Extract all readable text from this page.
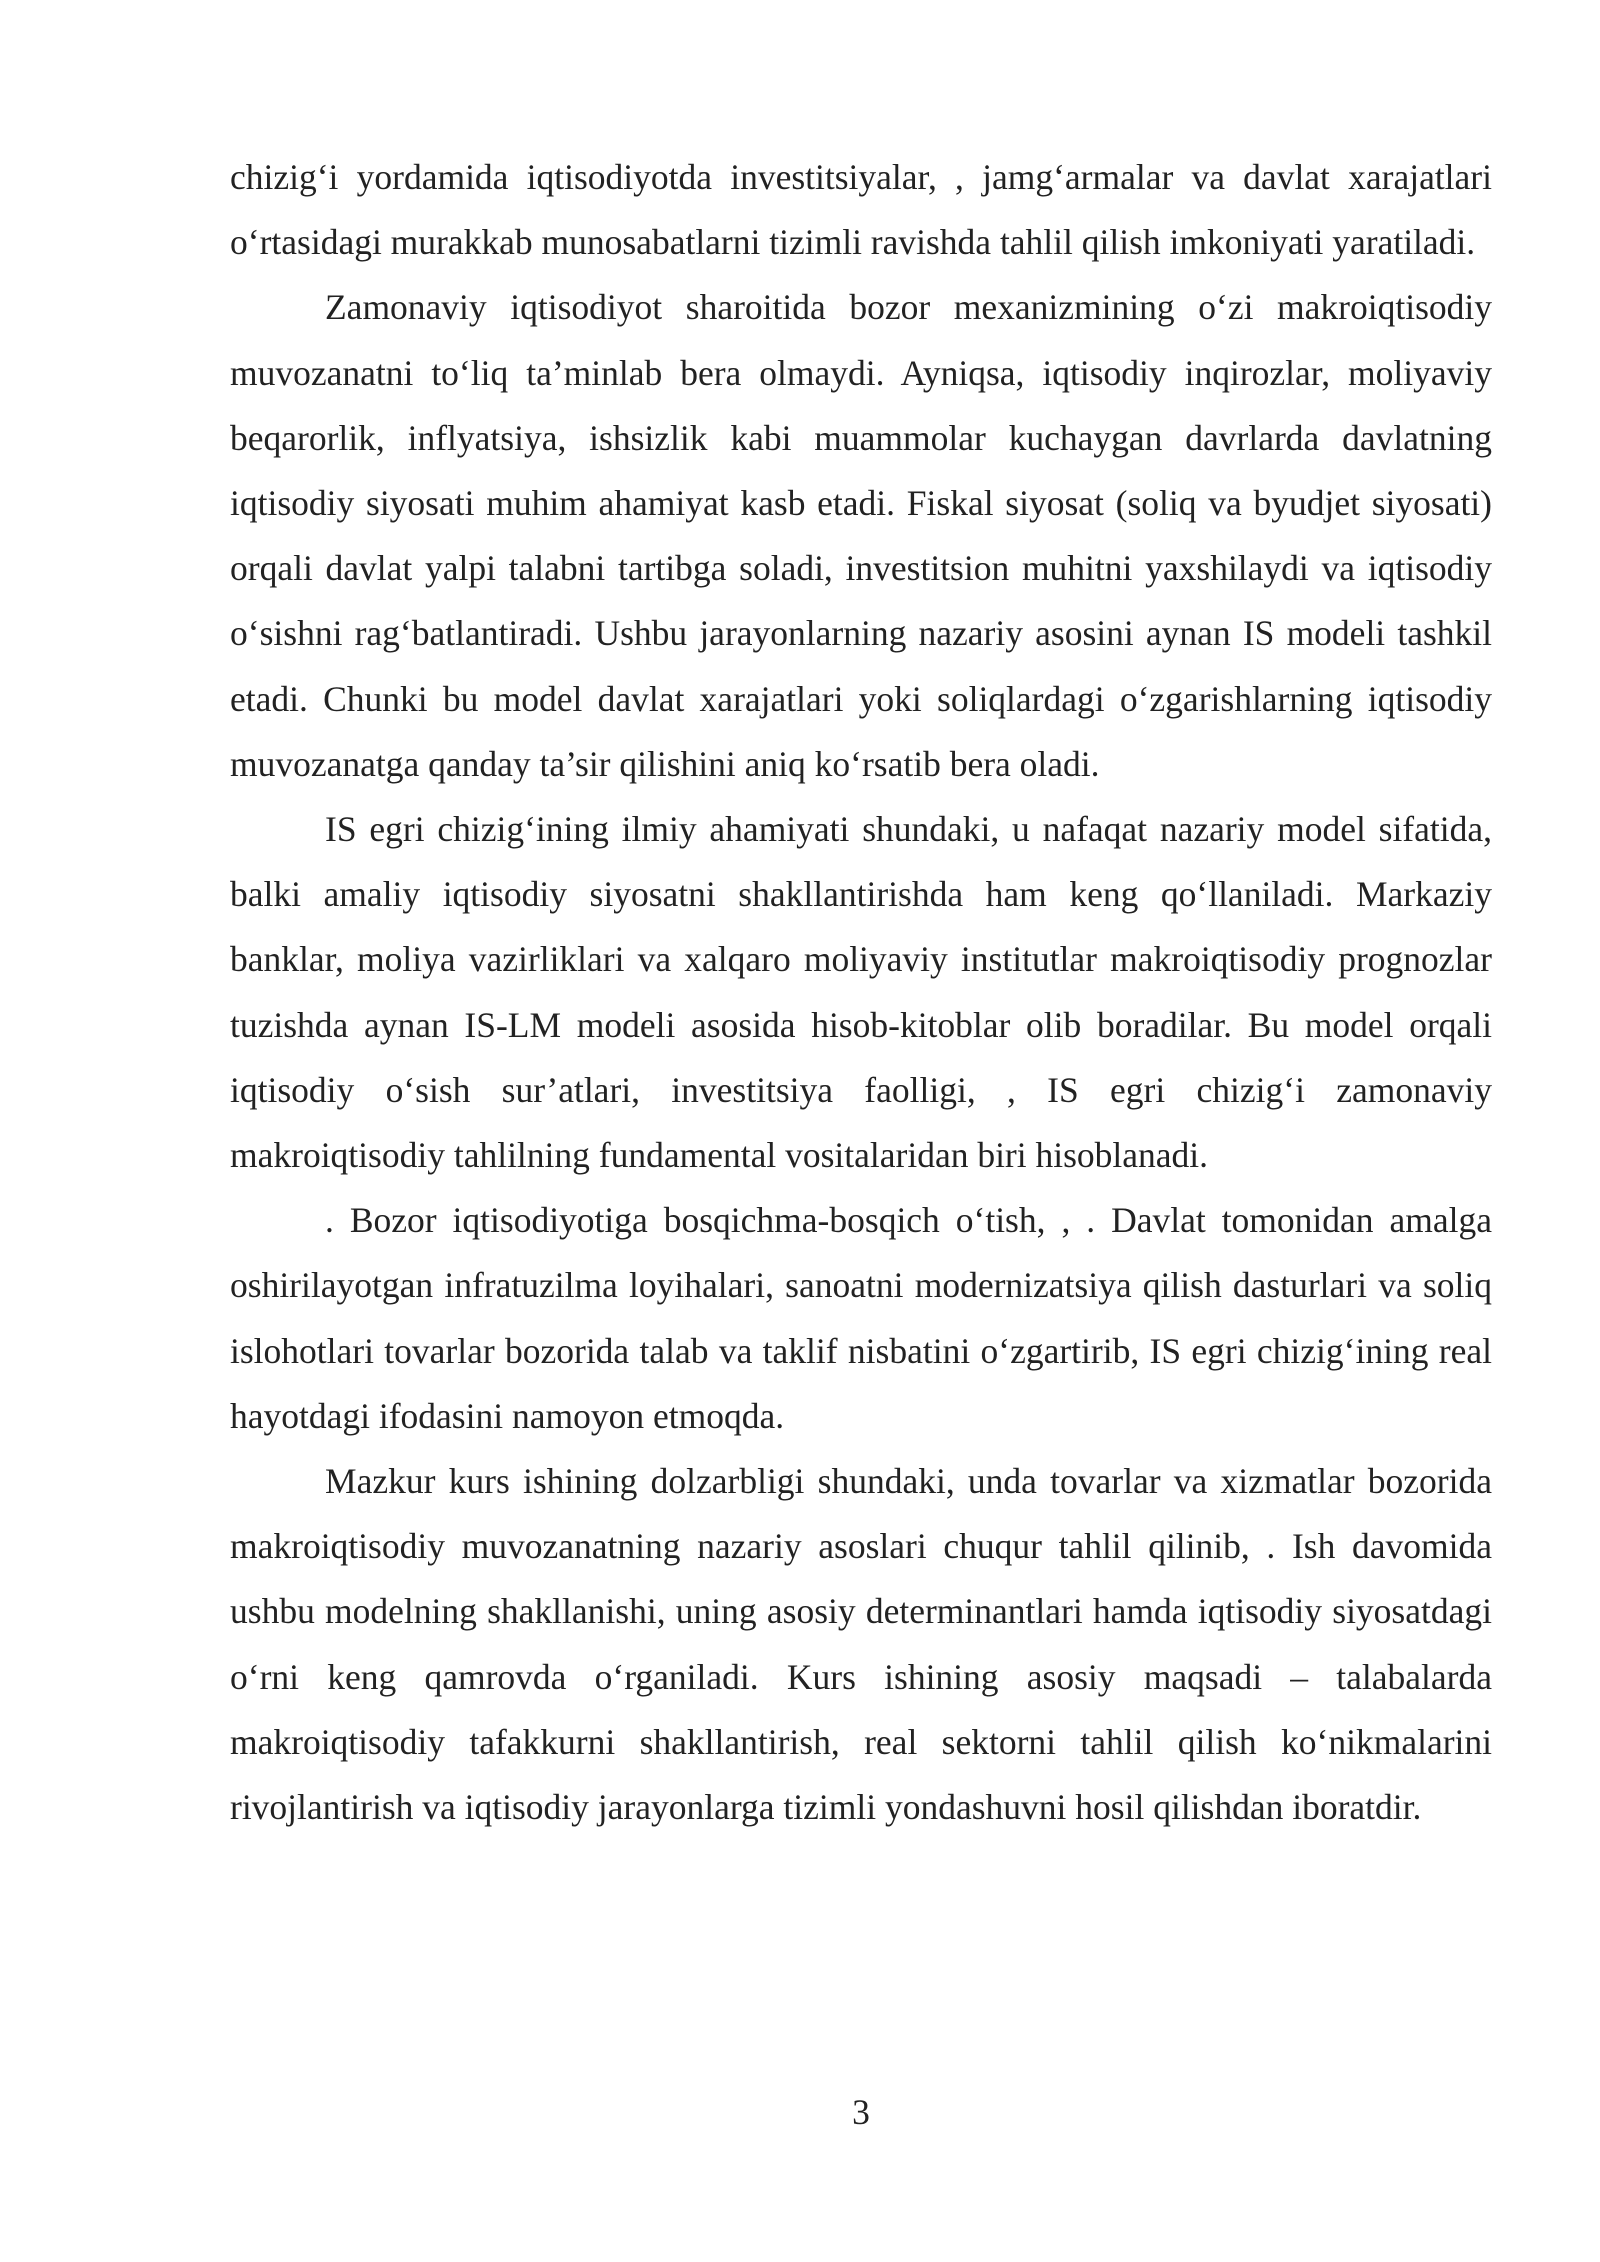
chizig‘i yordamida iqtisodiyotda investitsiyalar, , jamg‘armalar va davlat xarajatlari o‘rtasidagi murakkab munosabatlarni tizimli ravishda tahlil qilish imkoniyati yaratiladi.

Zamonaviy iqtisodiyot sharoitida bozor mexanizmining o‘zi makroiqtisodiy muvozanatni to‘liq ta’minlab bera olmaydi. Ayniqsa, iqtisodiy inqirozlar, moliyaviy beqarorlik, inflyatsiya, ishsizlik kabi muammolar kuchaygan davrlarda davlatning iqtisodiy siyosati muhim ahamiyat kasb etadi. Fiskal siyosat (soliq va byudjet siyosati) orqali davlat yalpi talabni tartibga soladi, investitsion muhitni yaxshilaydi va iqtisodiy o‘sishni rag‘batlantiradi. Ushbu jarayonlarning nazariy asosini aynan IS modeli tashkil etadi. Chunki bu model davlat xarajatlari yoki soliqlardagi o‘zgarishlarning iqtisodiy muvozanatga qanday ta’sir qilishini aniq ko‘rsatib bera oladi.

IS egri chizig‘ining ilmiy ahamiyati shundaki, u nafaqat nazariy model sifatida, balki amaliy iqtisodiy siyosatni shakllantirishda ham keng qo‘llaniladi. Markaziy banklar, moliya vazirliklari va xalqaro moliyaviy institutlar makroiqtisodiy prognozlar tuzishda aynan IS-LM modeli asosida hisob-kitoblar olib boradilar. Bu model orqali iqtisodiy o‘sish sur’atlari, investitsiya faolligi, , IS egri chizig‘i zamonaviy makroiqtisodiy tahlilning fundamental vositalaridan biri hisoblanadi.

. Bozor iqtisodiyotiga bosqichma-bosqich o‘tish, , . Davlat tomonidan amalga oshirilayotgan infratuzilma loyihalari, sanoatni modernizatsiya qilish dasturlari va soliq islohotlari tovarlar bozorida talab va taklif nisbatini o‘zgartirib, IS egri chizig‘ining real hayotdagi ifodasini namoyon etmoqda.

Mazkur kurs ishining dolzarbligi shundaki, unda tovarlar va xizmatlar bozorida makroiqtisodiy muvozanatning nazariy asoslari chuqur tahlil qilinib, . Ish davomida ushbu modelning shakllanishi, uning asosiy determinantlari hamda iqtisodiy siyosatdagi o‘rni keng qamrovda o‘rganiladi. Kurs ishining asosiy maqsadi – talabalarda makroiqtisodiy tafakkurni shakllantirish, real sektorni tahlil qilish ko‘nikmalarini rivojlantirish va iqtisodiy jarayonlarga tizimli yondashuvni hosil qilishdan iboratdir.

3
